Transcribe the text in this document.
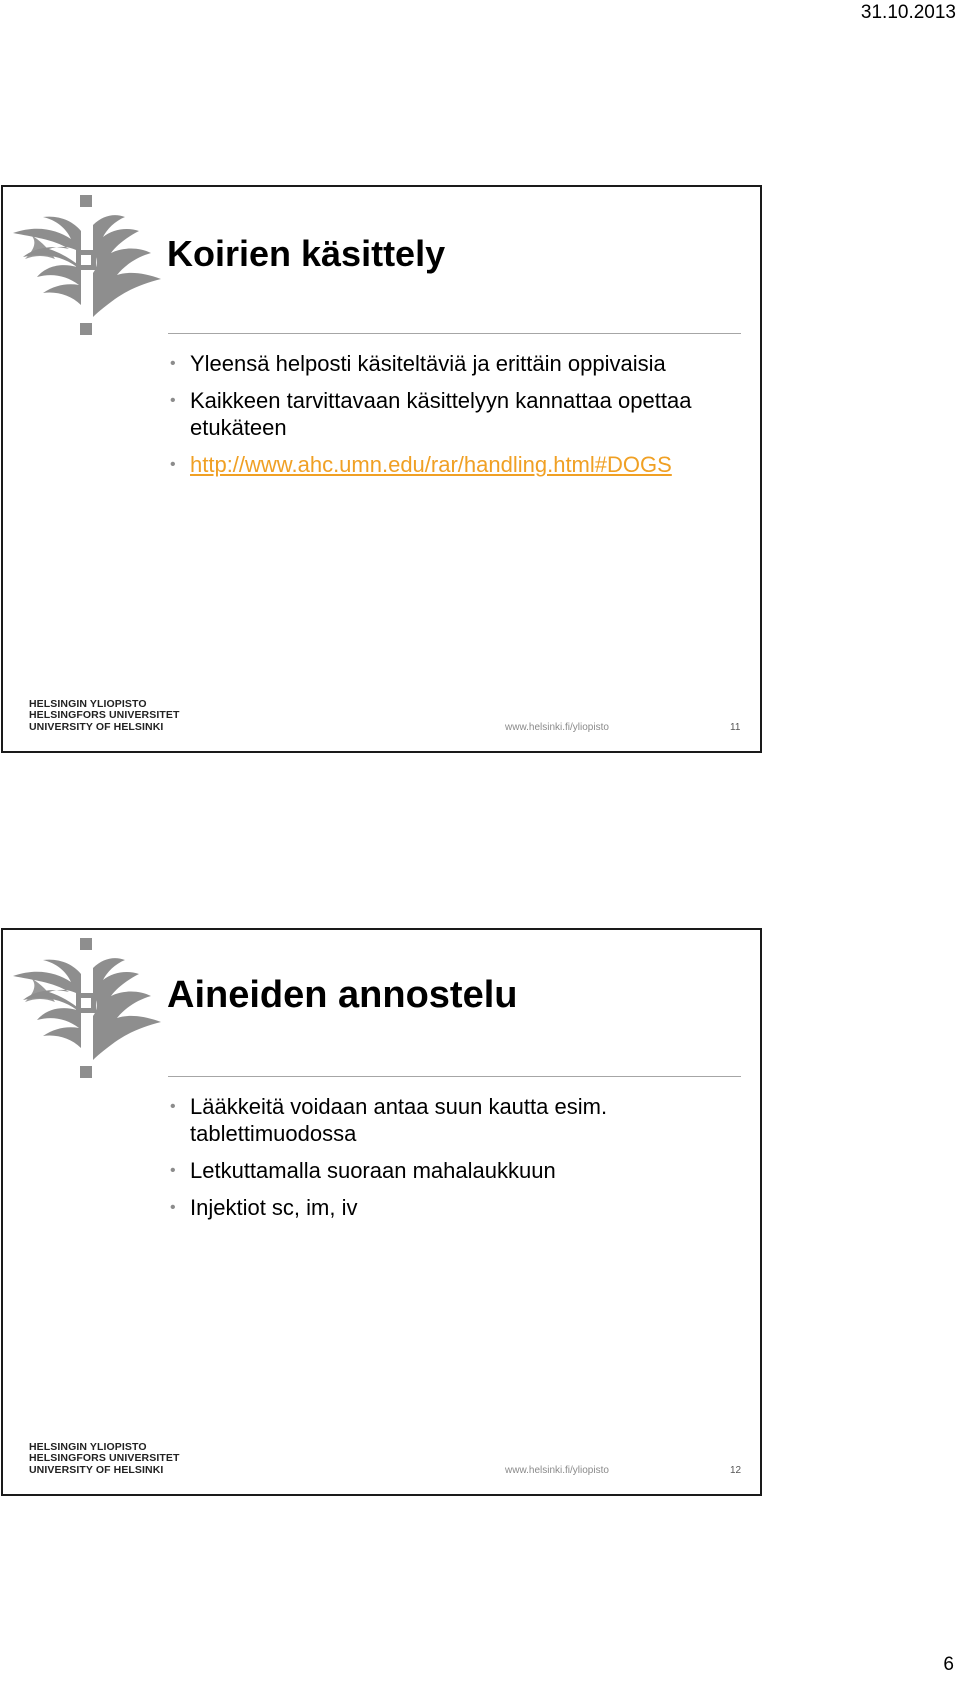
31.10.2013
Koirien käsittely
• Yleensä helposti käsiteltäviä ja erittäin oppivaisia
• Kaikkeen tarvittavaan käsittelyyn kannattaa opettaa etukäteen
• http://www.ahc.umn.edu/rar/handling.html#DOGS
HELSINGIN YLIOPISTO
HELSINGFORS UNIVERSITET
UNIVERSITY OF HELSINKI	www.helsinki.fi/yliopisto	11
Aineiden annostelu
• Lääkkeitä voidaan antaa suun kautta esim. tablettimuodossa
• Letkuttamalla suoraan mahalaukkuun
• Injektiot sc, im, iv
HELSINGIN YLIOPISTO
HELSINGFORS UNIVERSITET
UNIVERSITY OF HELSINKI	www.helsinki.fi/yliopisto	12
6
